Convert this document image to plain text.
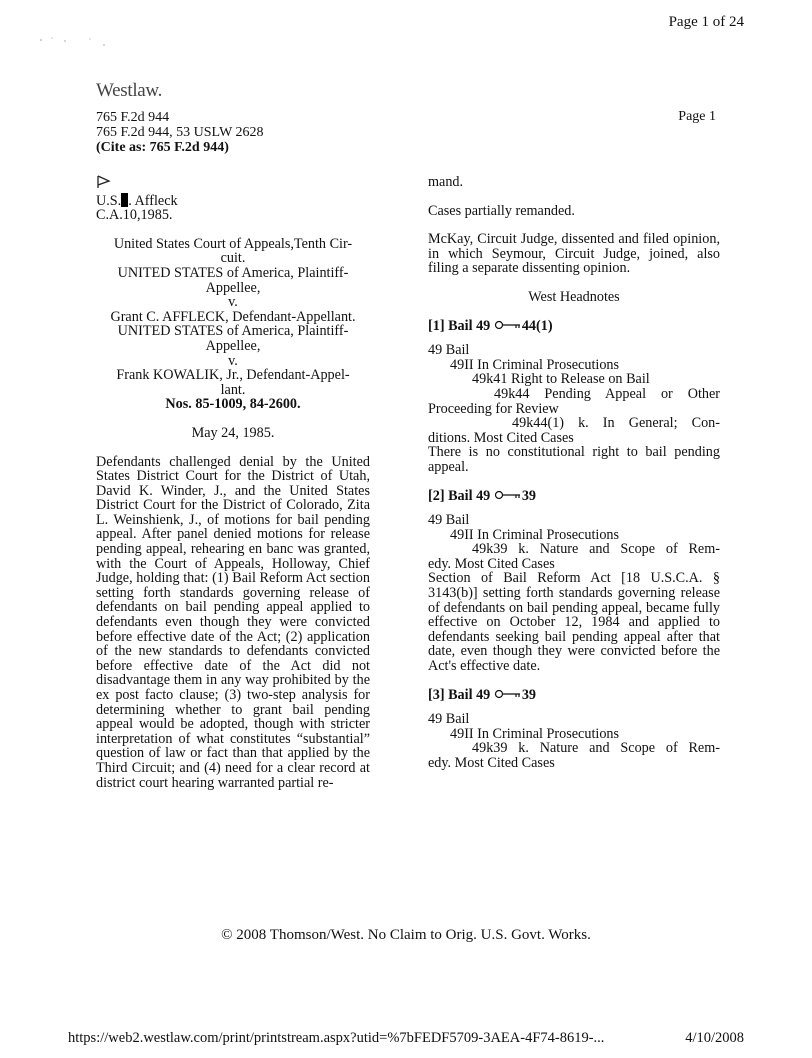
Page 1 of 24
Westlaw.
765 F.2d 944
765 F.2d 944, 53 USLW 2628
(Cite as: 765 F.2d 944)
Page 1
U.S. . Affleck
C.A.10,1985.
United States Court of Appeals,Tenth Cir-
cuit.
UNITED STATES of America, Plaintiff-
Appellee,
v.
Grant C. AFFLECK, Defendant-Appellant.
UNITED STATES of America, Plaintiff-
Appellee,
v.
Frank KOWALIK, Jr., Defendant-Appel-
lant.
Nos. 85-1009, 84-2600.
May 24, 1985.

Defendants challenged denial by the United States District Court for the District of Utah, David K. Winder, J., and the United States District Court for the District of Colorado, Zita L. Weinshienk, J., of motions for bail pending appeal. After panel denied motions for release pending appeal, rehearing en banc was granted, with the Court of Appeals, Holloway, Chief Judge, holding that: (1) Bail Reform Act section setting forth standards governing release of defendants on bail pending appeal applied to defendants even though they were convicted before effective date of the Act; (2) application of the new standards to defendants convicted before effective date of the Act did not disadvantage them in any way prohibited by the ex post facto clause; (3) two-step analysis for determining whether to grant bail pending appeal would be adopted, though with stricter interpretation of what constitutes “substantial” question of law or fact than that applied by the Third Circuit; and (4) need for a clear record at district court hearing warranted partial re-

mand.

Cases partially remanded.

McKay, Circuit Judge, dissented and filed opinion, in which Seymour, Circuit Judge, joined, also filing a separate dissenting opinion.

West Headnotes

[1] Bail 49 44(1)
49 Bail
49II In Criminal Prosecutions
49k41 Right to Release on Bail
49k44 Pending Appeal or Other
Proceeding for Review
49k44(1) k. In General; Con-
ditions. Most Cited Cases

There is no constitutional right to bail pending appeal.

[2] Bail 49 39
49 Bail
49II In Criminal Prosecutions
49k39 k. Nature and Scope of Rem-
edy. Most Cited Cases

Section of Bail Reform Act [18 U.S.C.A. § 3143(b)] setting forth standards governing release of defendants on bail pending appeal, became fully effective on October 12, 1984 and applied to defendants seeking bail pending appeal after that date, even though they were convicted before the Act's effective date.

[3] Bail 49 39
49 Bail
49II In Criminal Prosecutions
49k39 k. Nature and Scope of Rem-
edy. Most Cited Cases
© 2008 Thomson/West. No Claim to Orig. U.S. Govt. Works.
https://web2.westlaw.com/print/printstream.aspx?utid=%7bFEDF5709-3AEA-4F74-8619-...	4/10/2008
